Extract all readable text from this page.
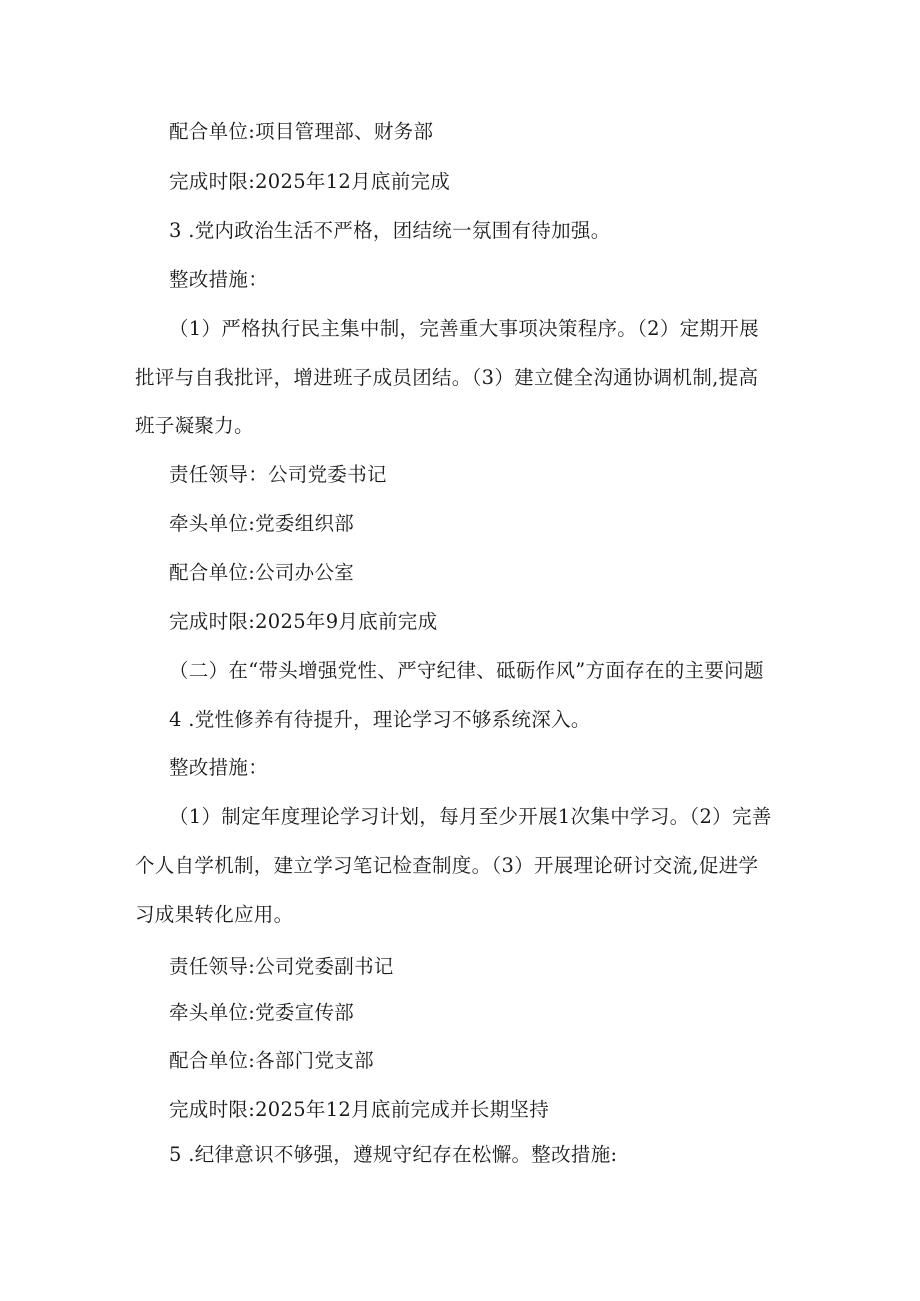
配合单位:项目管理部、财务部
完成时限:2025年12月底前完成
3 .党内政治生活不严格，团结统一氛围有待加强。
整改措施：
（1）严格执行民主集中制，完善重大事项决策程序。（2）定期开展
批评与自我批评，增进班子成员团结。（3）建立健全沟通协调机制,提高
班子凝聚力。
责任领导：公司党委书记
牵头单位:党委组织部
配合单位:公司办公室
完成时限:2025年9月底前完成
（二）在“带头增强党性、严守纪律、砥砺作风”方面存在的主要问题
4 .党性修养有待提升，理论学习不够系统深入。
整改措施：
（1）制定年度理论学习计划，每月至少开展1次集中学习。（2）完善
个人自学机制，建立学习笔记检查制度。（3）开展理论研讨交流,促进学
习成果转化应用。
责任领导:公司党委副书记
牵头单位:党委宣传部
配合单位:各部门党支部
完成时限:2025年12月底前完成并长期坚持
5 .纪律意识不够强，遵规守纪存在松懈。整改措施:
